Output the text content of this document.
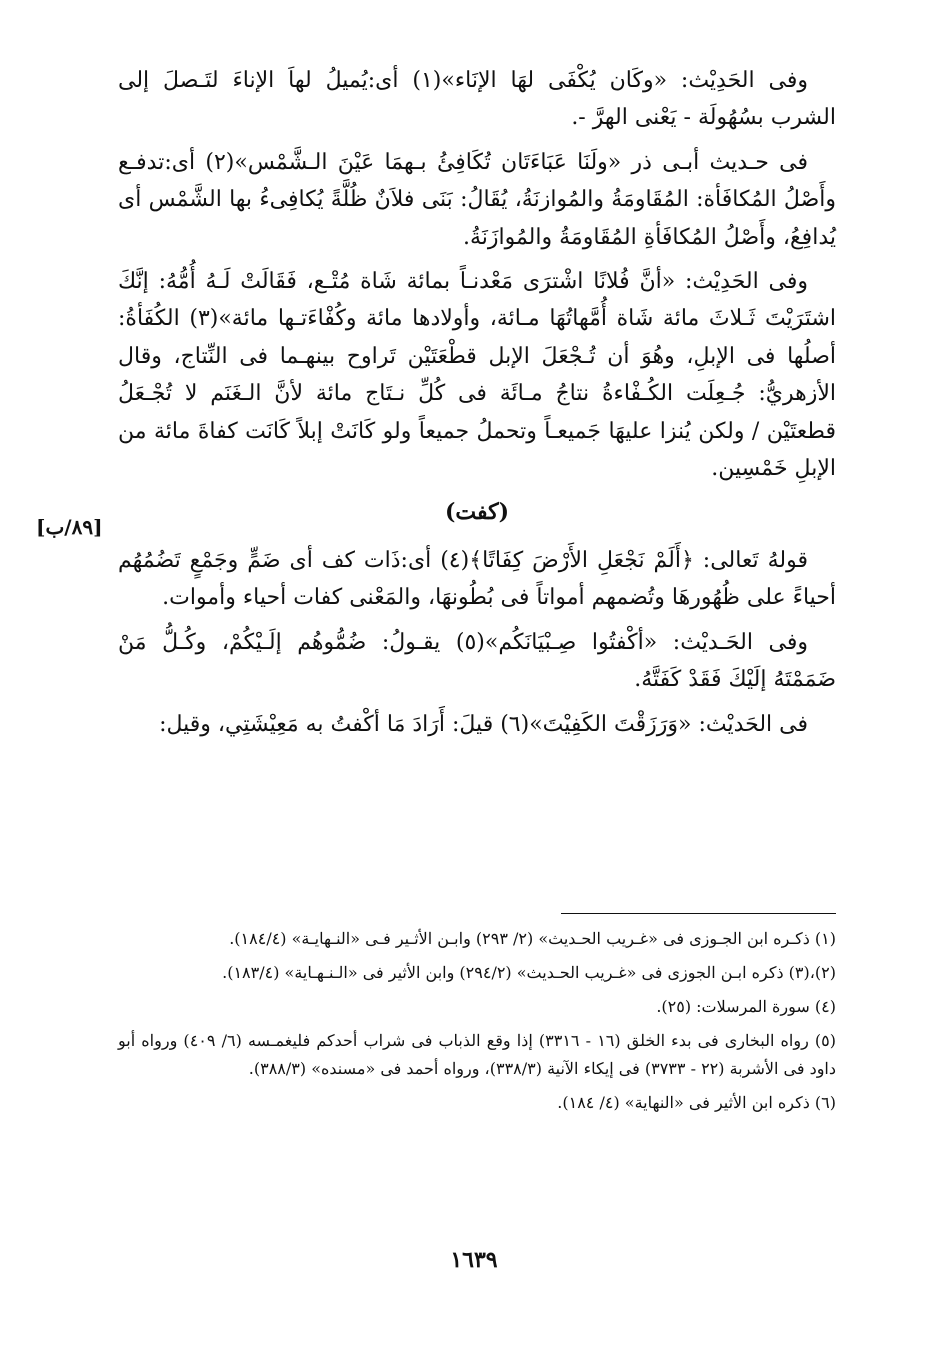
وفى الحَدِيْث: «وكَان يُكْفَى لهَا الإنَاء»(١) أى:يُميلُ لهاَ الإناءَ لتَـصلَ إلى الشرب بسُهُولَة - يَعْنى الهرَّ -.

فى حـديث أبـى ذر «ولَنَا عَبَاءَتَان تُكَافِئُ بـهمَا عَيْنَ الـشَّمْس»(٢) أى:تدفـع وأَصْلُ المُكافَأة: المُقَاومَةُ والمُوازنَةُ، يُقَالُ: بَنَى فلاَنٌ ظُلَّةً يُكافِىءُ بها الشَّمْس أى يُدافِعُ، وأَصْلُ المُكافَأةِ المُقَاومَةُ والمُوازَنَةُ.

وفى الحَدِيْث: «أنَّ فُلانًا اشْترَى مَعْدنـاً بمائة شَاة مُتْـع، فَقَالَتْ لَـهُ أُمُّهُ: إنَّكَ اشتَرَيْتَ ثَـلاثَ مائة شَاة أُمَّهاتُهَا مـائة، وأولادها مائة وكُفْاءَتـها مائة»(٣) الكُفَأةُ: أصلُها فى الإبلِ، وهُوَ أن تُـجْعَلَ الإبل قطْعَتَيْن تَراوح بينهـما فى النِّتاج، وقال الأزهريُّ: جُـعِلَت الكُـفْاءةُ نتاجُ مـائَة فى كُلِّ نـتَاج مائة لأنَّ الـغَنَم لا تُجْـعَلُ قطعتَيْن / ولكن يُنزا عليهَا جَميعـاً وتحملُ جميعاً ولو كَانَتْ إبلاً كَانَت كفاةَ مائة من الإبلِ خَمْسِين.

(كفت)

قولهُ تَعالى: ﴿أَلَمْ نَجْعَلِ الأَرْضَ كِفَاتًا﴾(٤) أى:ذَات كف أى ضَمٍّ وجَمْعٍ تَضُمُهُم أحياءً على ظُهُورهَا وتُضمهم أمواتاً فى بُطُونهَا، والمَعْنى كفات أحياء وأموات.

وفى الحَـديْث: «أكْفتُوا صِـبْيَانَكُم»(٥) يقـولُ: ضُمُّوهُم إلَـيْكُمْ، وكُـلُّ مَنْ ضَمَمْتَهُ إلَيْكَ فَقَدْ كَفَتَّهُ.

فى الحَديْث: «وَرَزَقْتَ الكَفِيْتَ»(٦) قيلَ: أَرَادَ مَا أكْفتُ به مَعِيْشَتِي، وقيل:

[٨٩/ب]
(١) ذكـره ابن الجـوزى فى «غـريب الحـديث» (٢/ ٢٩٣) وابـن الأثـير فـى «النـهايـة» (١٨٤/٤).
(٢)،(٣) ذكره ابـن الجوزى فى «غـريب الحـديث» (٢٩٤/٢) وابن الأثير فى «الـنـهـاية» (١٨٣/٤).
(٤) سورة المرسلات: (٢٥).
(٥) رواه البخارى فى بدء الخلق (١٦ - ٣٣١٦) إذا وقع الذباب فى شراب أحدكم فليغمـسه (٦/ ٤٠٩) ورواه أبو داود فى الأشربة (٢٢ - ٣٧٣٣) فى إيكاء الآنية (٣٣٨/٣)، ورواه أحمد فى «مسنده» (٣٨٨/٣).
(٦) ذكره ابن الأثير فى «النهاية» (٤/ ١٨٤).
١٦٣٩
